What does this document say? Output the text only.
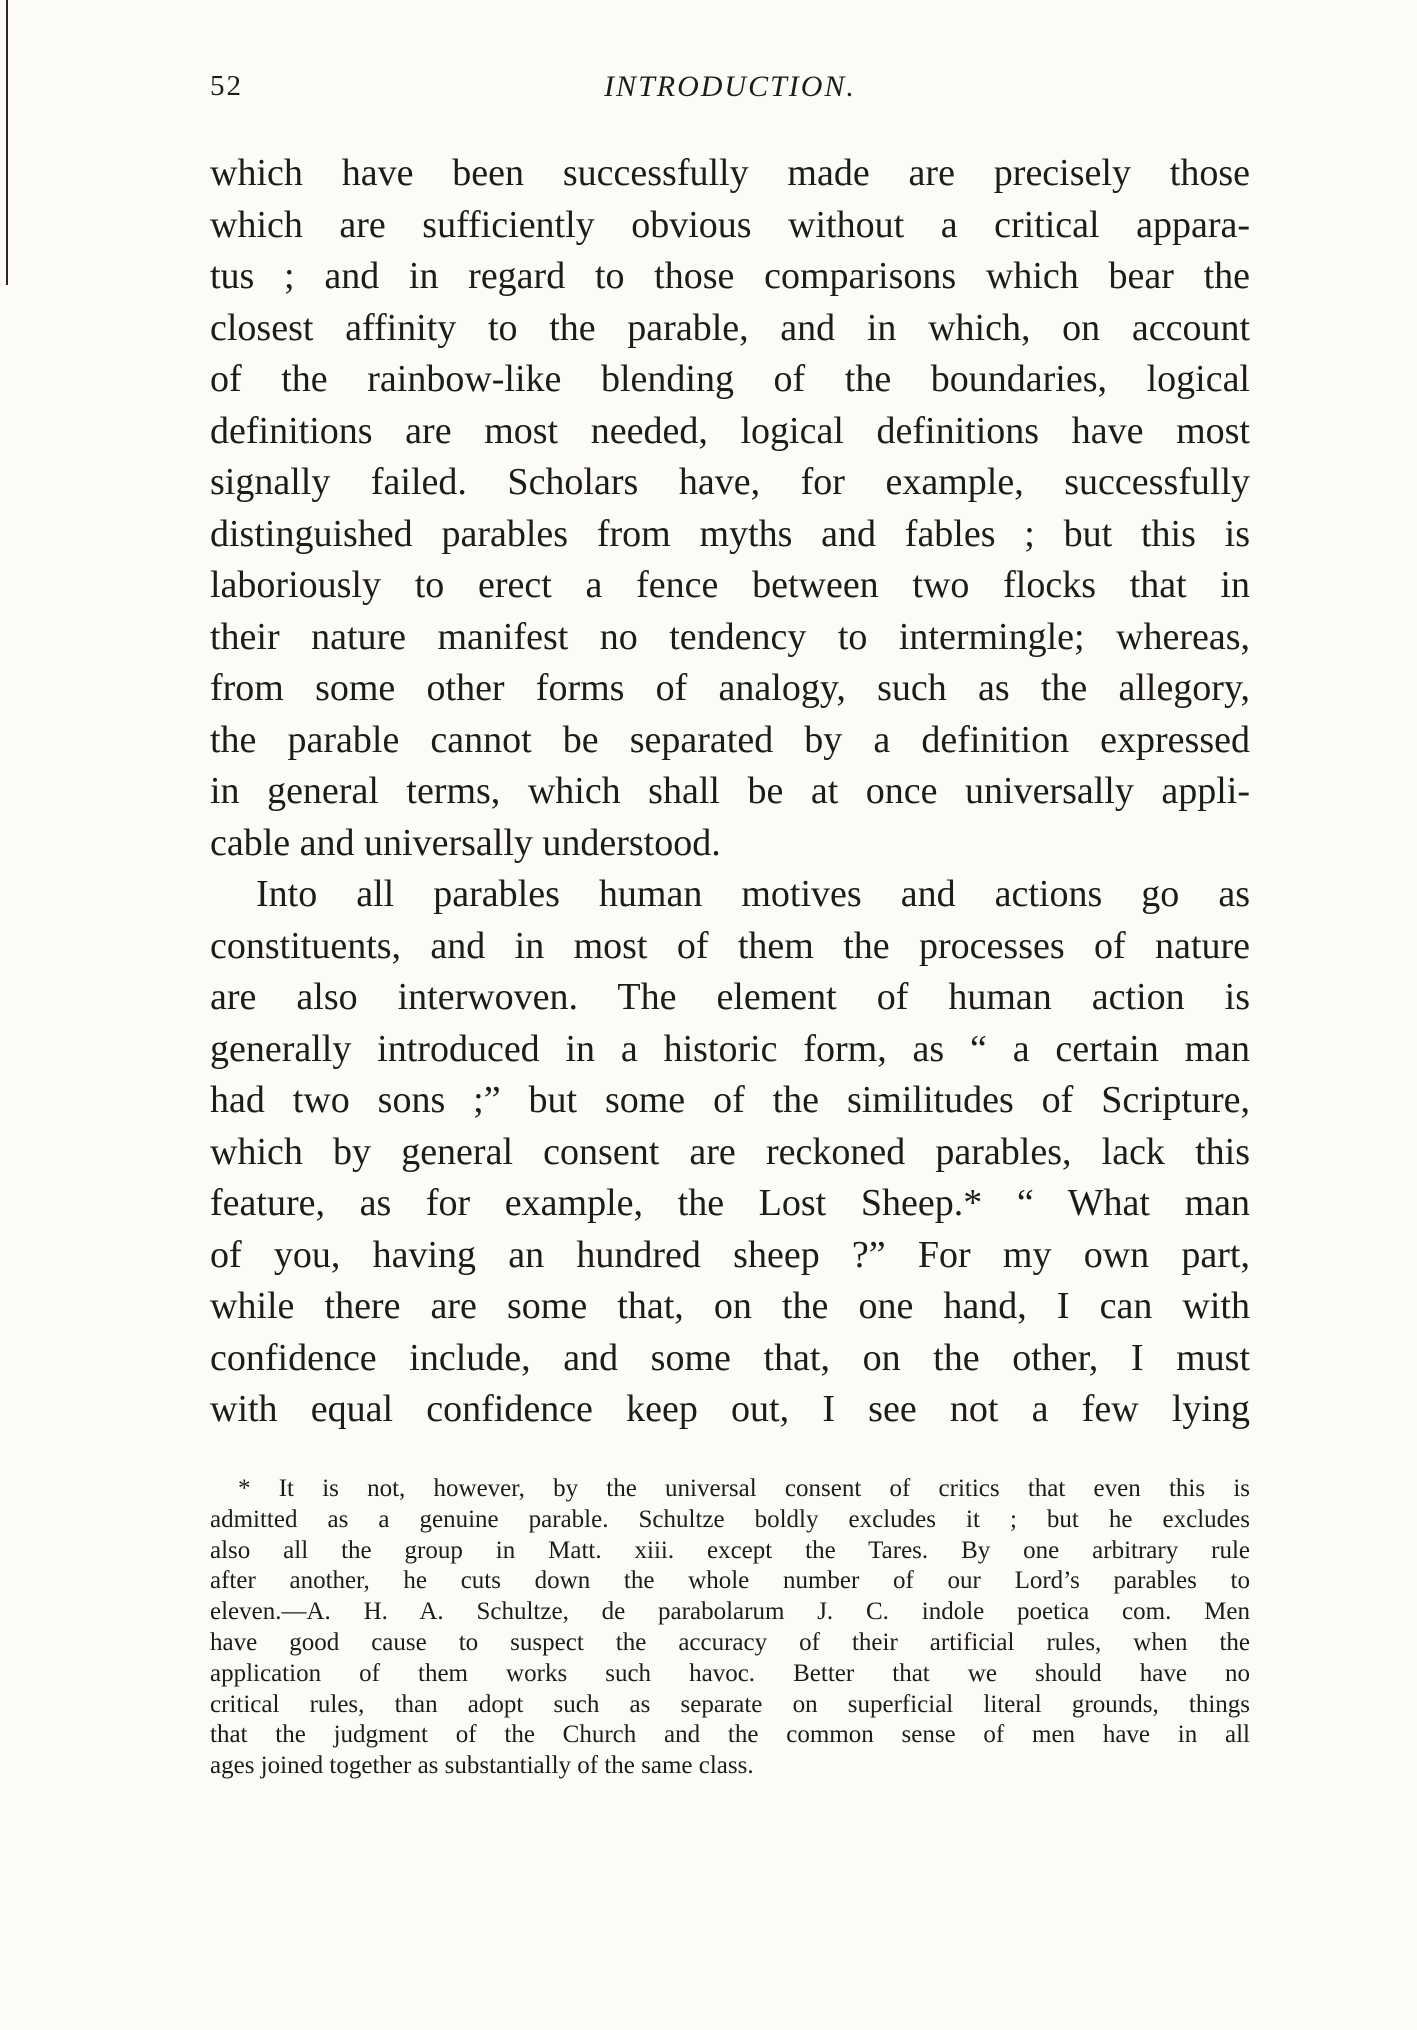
52	INTRODUCTION.
which have been successfully made are precisely those
which are sufficiently obvious without a critical appara-
tus ; and in regard to those comparisons which bear the
closest affinity to the parable, and in which, on account
of the rainbow-like blending of the boundaries, logical
definitions are most needed, logical definitions have most
signally failed. Scholars have, for example, successfully
distinguished parables from myths and fables ; but this is
laboriously to erect a fence between two flocks that in
their nature manifest no tendency to intermingle; whereas,
from some other forms of analogy, such as the allegory,
the parable cannot be separated by a definition expressed
in general terms, which shall be at once universally appli-
cable and universally understood.
Into all parables human motives and actions go as
constituents, and in most of them the processes of nature
are also interwoven. The element of human action is
generally introduced in a historic form, as “ a certain man
had two sons ;” but some of the similitudes of Scripture,
which by general consent are reckoned parables, lack this
feature, as for example, the Lost Sheep.* “ What man
of you, having an hundred sheep ?” For my own part,
while there are some that, on the one hand, I can with
confidence include, and some that, on the other, I must
with equal confidence keep out, I see not a few lying
* It is not, however, by the universal consent of critics that even this is
admitted as a genuine parable. Schultze boldly excludes it ; but he excludes
also all the group in Matt. xiii. except the Tares. By one arbitrary rule
after another, he cuts down the whole number of our Lord’s parables to
eleven.—A. H. A. Schultze, de parabolarum J. C. indole poetica com. Men
have good cause to suspect the accuracy of their artificial rules, when the
application of them works such havoc. Better that we should have no
critical rules, than adopt such as separate on superficial literal grounds, things
that the judgment of the Church and the common sense of men have in all
ages joined together as substantially of the same class.
